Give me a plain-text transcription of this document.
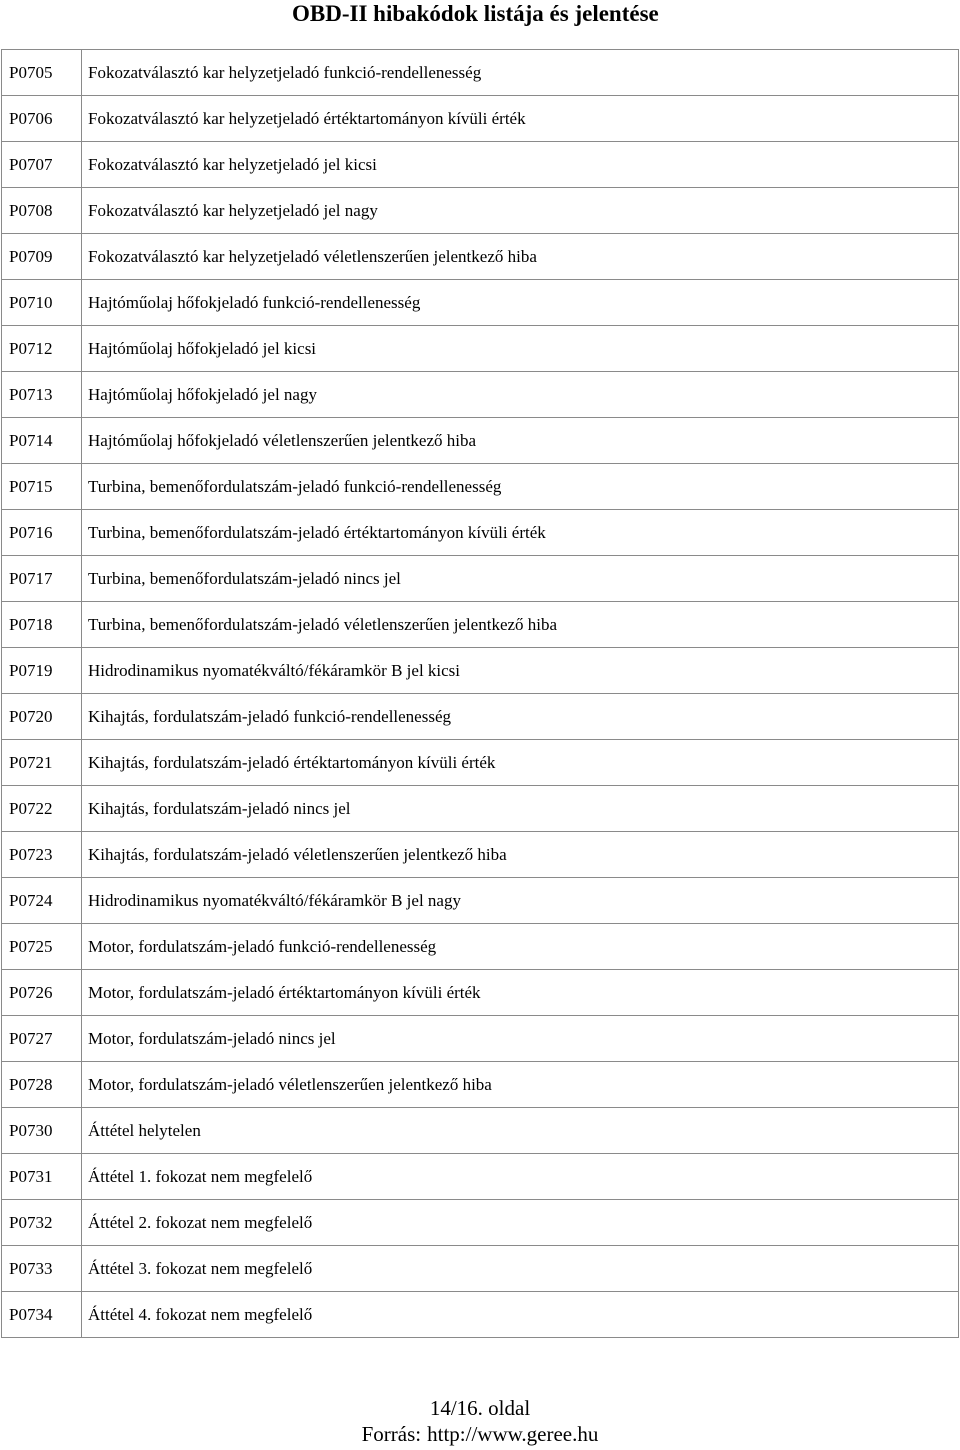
OBD-II hibakódok listája és jelentése
P0705	Fokozatválasztó kar helyzetjeladó funkció-rendellenesség
P0706	Fokozatválasztó kar helyzetjeladó értéktartományon kívüli érték
P0707	Fokozatválasztó kar helyzetjeladó jel kicsi
P0708	Fokozatválasztó kar helyzetjeladó jel nagy
P0709	Fokozatválasztó kar helyzetjeladó véletlenszerűen jelentkező hiba
P0710	Hajtóműolaj hőfokjeladó funkció-rendellenesség
P0712	Hajtóműolaj hőfokjeladó jel kicsi
P0713	Hajtóműolaj hőfokjeladó jel nagy
P0714	Hajtóműolaj hőfokjeladó véletlenszerűen jelentkező hiba
P0715	Turbina, bemenőfordulatszám-jeladó funkció-rendellenesség
P0716	Turbina, bemenőfordulatszám-jeladó értéktartományon kívüli érték
P0717	Turbina, bemenőfordulatszám-jeladó nincs jel
P0718	Turbina, bemenőfordulatszám-jeladó véletlenszerűen jelentkező hiba
P0719	Hidrodinamikus nyomatékváltó/fékáramkör B jel kicsi
P0720	Kihajtás, fordulatszám-jeladó funkció-rendellenesség
P0721	Kihajtás, fordulatszám-jeladó értéktartományon kívüli érték
P0722	Kihajtás, fordulatszám-jeladó nincs jel
P0723	Kihajtás, fordulatszám-jeladó véletlenszerűen jelentkező hiba
P0724	Hidrodinamikus nyomatékváltó/fékáramkör B jel nagy
P0725	Motor, fordulatszám-jeladó funkció-rendellenesség
P0726	Motor, fordulatszám-jeladó értéktartományon kívüli érték
P0727	Motor, fordulatszám-jeladó nincs jel
P0728	Motor, fordulatszám-jeladó véletlenszerűen jelentkező hiba
P0730	Áttétel helytelen
P0731	Áttétel 1. fokozat nem megfelelő
P0732	Áttétel 2. fokozat nem megfelelő
P0733	Áttétel 3. fokozat nem megfelelő
P0734	Áttétel 4. fokozat nem megfelelő
14/16. oldal
Forrás: http://www.geree.hu
